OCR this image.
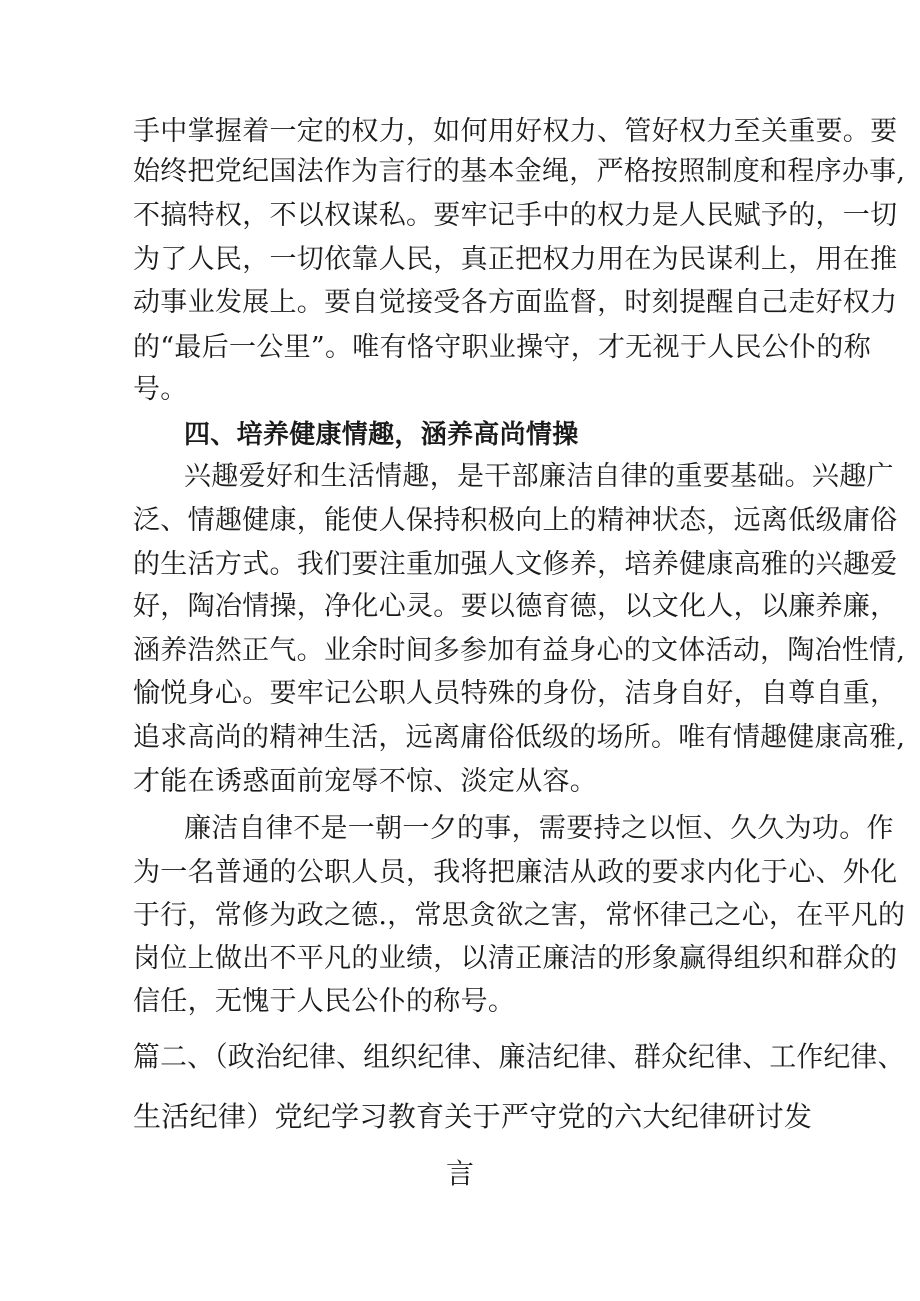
手中掌握着一定的权力，如何用好权力、管好权力至关重要。要
始终把党纪国法作为言行的基本金绳，严格按照制度和程序办事,
不搞特权，不以权谋私。要牢记手中的权力是人民赋予的，一切
为了人民，一切依靠人民，真正把权力用在为民谋利上，用在推
动事业发展上。要自觉接受各方面监督，时刻提醒自己走好权力
的“最后一公里”。唯有恪守职业操守，才无视于人民公仆的称
号。
四、培养健康情趣，涵养高尚情操
兴趣爱好和生活情趣，是干部廉洁自律的重要基础。兴趣广
泛、情趣健康，能使人保持积极向上的精神状态，远离低级庸俗
的生活方式。我们要注重加强人文修养，培养健康高雅的兴趣爱
好，陶冶情操，净化心灵。要以德育德，以文化人，以廉养廉，
涵养浩然正气。业余时间多参加有益身心的文体活动，陶冶性情,
愉悦身心。要牢记公职人员特殊的身份，洁身自好，自尊自重，
追求高尚的精神生活，远离庸俗低级的场所。唯有情趣健康高雅,
才能在诱惑面前宠辱不惊、淡定从容。
廉洁自律不是一朝一夕的事，需要持之以恒、久久为功。作
为一名普通的公职人员，我将把廉洁从政的要求内化于心、外化
于行，常修为政之德.，常思贪欲之害，常怀律己之心，在平凡的
岗位上做出不平凡的业绩，以清正廉洁的形象赢得组织和群众的
信任，无愧于人民公仆的称号。
篇二、（政治纪律、组织纪律、廉洁纪律、群众纪律、工作纪律、
生活纪律）党纪学习教育关于严守党的六大纪律研讨发
言
